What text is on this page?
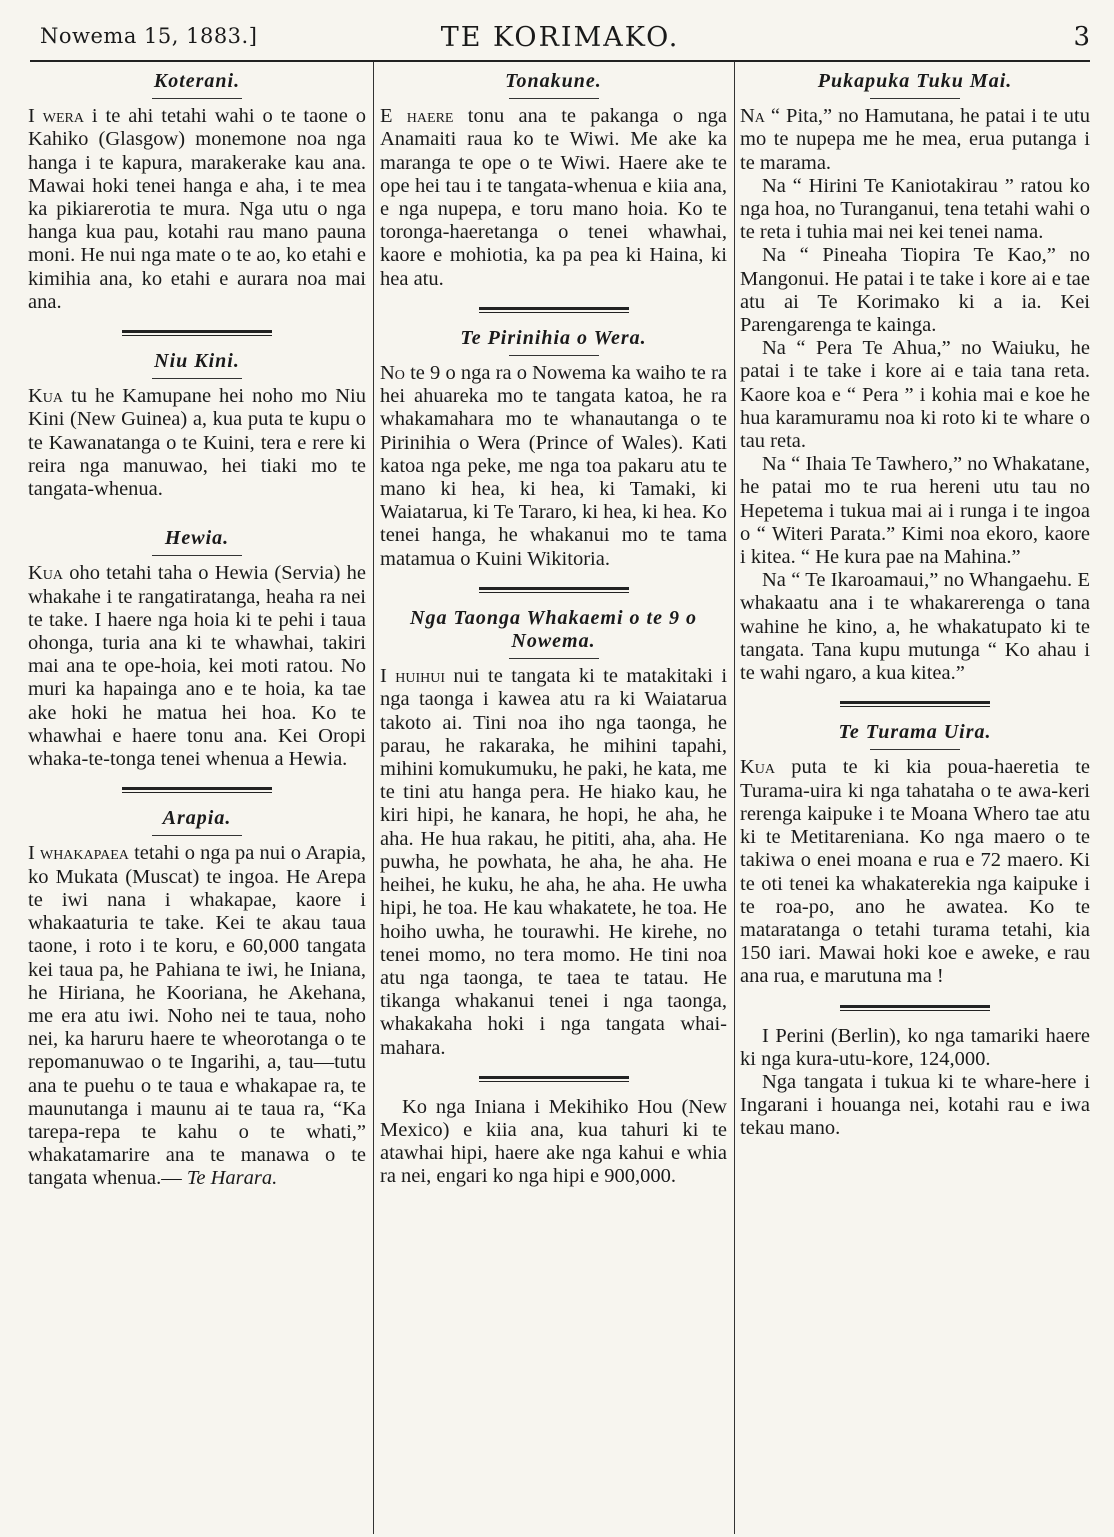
Nowema 15, 1883.]	TE KORIMAKO.	3
Koterani.

I wera i te ahi tetahi wahi o te taone o Kahiko (Glasgow) monemone noa nga hanga i te kapura, marakerake kau ana. Mawai hoki tenei hanga e aha, i te mea ka pikiarerotia te mura. Nga utu o nga hanga kua pau, kotahi rau mano pauna moni. He nui nga mate o te ao, ko etahi e kimihia ana, ko etahi e aurara noa mai ana.

Niu Kini.

Kua tu he Kamupane hei noho mo Niu Kini (New Guinea) a, kua puta te kupu o te Kawanatanga o te Kuini, tera e rere ki reira nga manuwao, hei tiaki mo te tangata-whenua.

Hewia.

Kua oho tetahi taha o Hewia (Servia) he whakahe i te rangatiratanga, heaha ra nei te take. I haere nga hoia ki te pehi i taua ohonga, turia ana ki te whawhai, takiri mai ana te ope-hoia, kei moti ratou. No muri ka hapainga ano e te hoia, ka tae ake hoki he matua hei hoa. Ko te whawhai e haere tonu ana. Kei Oropi whaka-te-tonga tenei whenua a Hewia.

Arapia.

I whakapaea tetahi o nga pa nui o Arapia, ko Mukata (Muscat) te ingoa. He Arepa te iwi nana i whakapae, kaore i whakaaturia te take. Kei te akau taua taone, i roto i te koru, e 60,000 tangata kei taua pa, he Pahiana te iwi, he Iniana, he Hiriana, he Kooriana, he Akehana, me era atu iwi. Noho nei te taua, noho nei, ka haruru haere te wheorotanga o te repomanuwao o te Ingarihi, a, tau—tutu ana te puehu o te taua e whakapae ra, te maunutanga i maunu ai te taua ra, “Ka tarepa-repa te kahu o te whati,” whakatamarire ana te manawa o te tangata whenua.— Te Harara.

Tonakune.

E haere tonu ana te pakanga o nga Anamaiti raua ko te Wiwi. Me ake ka maranga te ope o te Wiwi. Haere ake te ope hei tau i te tangata-whenua e kiia ana, e nga nupepa, e toru mano hoia. Ko te toronga-haeretanga o tenei whawhai, kaore e mohiotia, ka pa pea ki Haina, ki hea atu.

Te Pirinihia o Wera.

No te 9 o nga ra o Nowema ka waiho te ra hei ahuareka mo te tangata katoa, he ra whakamahara mo te whanautanga o te Pirinihia o Wera (Prince of Wales). Kati katoa nga peke, me nga toa pakaru atu te mano ki hea, ki hea, ki Tamaki, ki Waiatarua, ki Te Tararo, ki hea, ki hea. Ko tenei hanga, he whakanui mo te tama matamua o Kuini Wikitoria.

Nga Taonga Whakaemi o te 9 o Nowema.

I huihui nui te tangata ki te matakitaki i nga taonga i kawea atu ra ki Waiatarua takoto ai. Tini noa iho nga taonga, he parau, he rakaraka, he mihini tapahi, mihini komukumuku, he paki, he kata, me te tini atu hanga pera. He hiako kau, he kiri hipi, he kanara, he hopi, he aha, he aha. He hua rakau, he pititi, aha, aha. He puwha, he powhata, he aha, he aha. He heihei, he kuku, he aha, he aha. He uwha hipi, he toa. He kau whakatete, he toa. He hoiho uwha, he tourawhi. He kirehe, no tenei momo, no tera momo. He tini noa atu nga taonga, te taea te tatau. He tikanga whakanui tenei i nga taonga, whakakaha hoki i nga tangata whai-mahara.

Ko nga Iniana i Mekihiko Hou (New Mexico) e kiia ana, kua tahuri ki te atawhai hipi, haere ake nga kahui e whia ra nei, engari ko nga hipi e 900,000.

Pukapuka Tuku Mai.

Na “ Pita,” no Hamutana, he patai i te utu mo te nupepa me he mea, erua putanga i te marama.

Na “ Hirini Te Kaniotakirau ” ratou ko nga hoa, no Turanganui, tena tetahi wahi o te reta i tuhia mai nei kei tenei nama.

Na “ Pineaha Tiopira Te Kao,” no Mangonui. He patai i te take i kore ai e tae atu ai Te Korimako ki a ia. Kei Parengarenga te kainga.

Na “ Pera Te Ahua,” no Waiuku, he patai i te take i kore ai e taia tana reta. Kaore koa e “ Pera ” i kohia mai e koe he hua karamuramu noa ki roto ki te whare o tau reta.

Na “ Ihaia Te Tawhero,” no Whakatane, he patai mo te rua hereni utu tau no Hepetema i tukua mai ai i runga i te ingoa o “ Witeri Parata.” Kimi noa ekoro, kaore i kitea. “ He kura pae na Mahina.”

Na “ Te Ikaroamaui,” no Whangaehu. E whakaatu ana i te whakarerenga o tana wahine he kino, a, he whakatupato ki te tangata. Tana kupu mutunga “ Ko ahau i te wahi ngaro, a kua kitea.”

Te Turama Uira.

Kua puta te ki kia poua-haeretia te Turama-uira ki nga tahataha o te awa-keri rerenga kaipuke i te Moana Whero tae atu ki te Metitareniana. Ko nga maero o te takiwa o enei moana e rua e 72 maero. Ki te oti tenei ka whakaterekia nga kaipuke i te roa-po, ano he awatea. Ko te mataratanga o tetahi turama tetahi, kia 150 iari. Mawai hoki koe e aweke, e rau ana rua, e marutuna ma !

I Perini (Berlin), ko nga tamariki haere ki nga kura-utu-kore, 124,000.

Nga tangata i tukua ki te whare-here i Ingarani i houanga nei, kotahi rau e iwa tekau mano.
